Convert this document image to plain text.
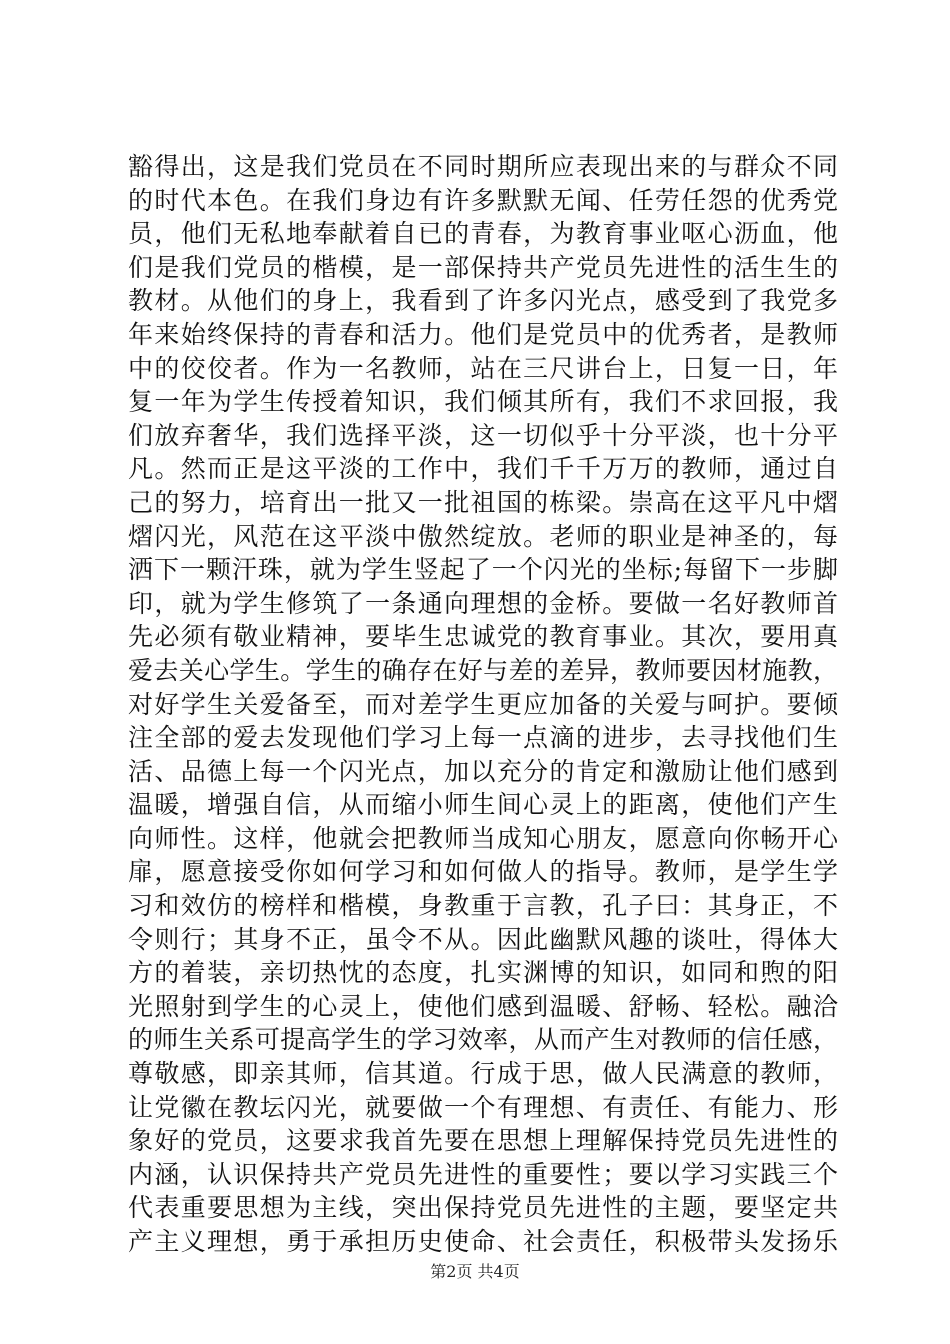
豁得出，这是我们党员在不同时期所应表现出来的与群众不同
的时代本色。在我们身边有许多默默无闻、任劳任怨的优秀党
员，他们无私地奉献着自已的青春，为教育事业呕心沥血，他
们是我们党员的楷模，是一部保持共产党员先进性的活生生的
教材。从他们的身上，我看到了许多闪光点，感受到了我党多
年来始终保持的青春和活力。他们是党员中的优秀者，是教师
中的佼佼者。作为一名教师，站在三尺讲台上，日复一日，年
复一年为学生传授着知识，我们倾其所有，我们不求回报，我
们放弃奢华，我们选择平淡，这一切似乎十分平淡，也十分平
凡。然而正是这平淡的工作中，我们千千万万的教师，通过自
己的努力，培育出一批又一批祖国的栋梁。崇高在这平凡中熠
熠闪光，风范在这平淡中傲然绽放。老师的职业是神圣的，每
洒下一颗汗珠，就为学生竖起了一个闪光的坐标;每留下一步脚
印，就为学生修筑了一条通向理想的金桥。要做一名好教师首
先必须有敬业精神，要毕生忠诚党的教育事业。其次，要用真
爱去关心学生。学生的确存在好与差的差异，教师要因材施教，
对好学生关爱备至，而对差学生更应加备的关爱与呵护。要倾
注全部的爱去发现他们学习上每一点滴的进步，去寻找他们生
活、品德上每一个闪光点，加以充分的肯定和激励让他们感到
温暖，增强自信，从而缩小师生间心灵上的距离，使他们产生
向师性。这样，他就会把教师当成知心朋友，愿意向你畅开心
扉，愿意接受你如何学习和如何做人的指导。教师，是学生学
习和效仿的榜样和楷模，身教重于言教，孔子曰：其身正，不
令则行；其身不正，虽令不从。因此幽默风趣的谈吐，得体大
方的着装，亲切热忱的态度，扎实渊博的知识，如同和煦的阳
光照射到学生的心灵上，使他们感到温暖、舒畅、轻松。融洽
的师生关系可提高学生的学习效率，从而产生对教师的信任感，
尊敬感，即亲其师，信其道。行成于思，做人民满意的教师，
让党徽在教坛闪光，就要做一个有理想、有责任、有能力、形
象好的党员，这要求我首先要在思想上理解保持党员先进性的
内涵，认识保持共产党员先进性的重要性；要以学习实践三个
代表重要思想为主线，突出保持党员先进性的主题，要坚定共
产主义理想，勇于承担历史使命、社会责任，积极带头发扬乐
第2页 共4页
